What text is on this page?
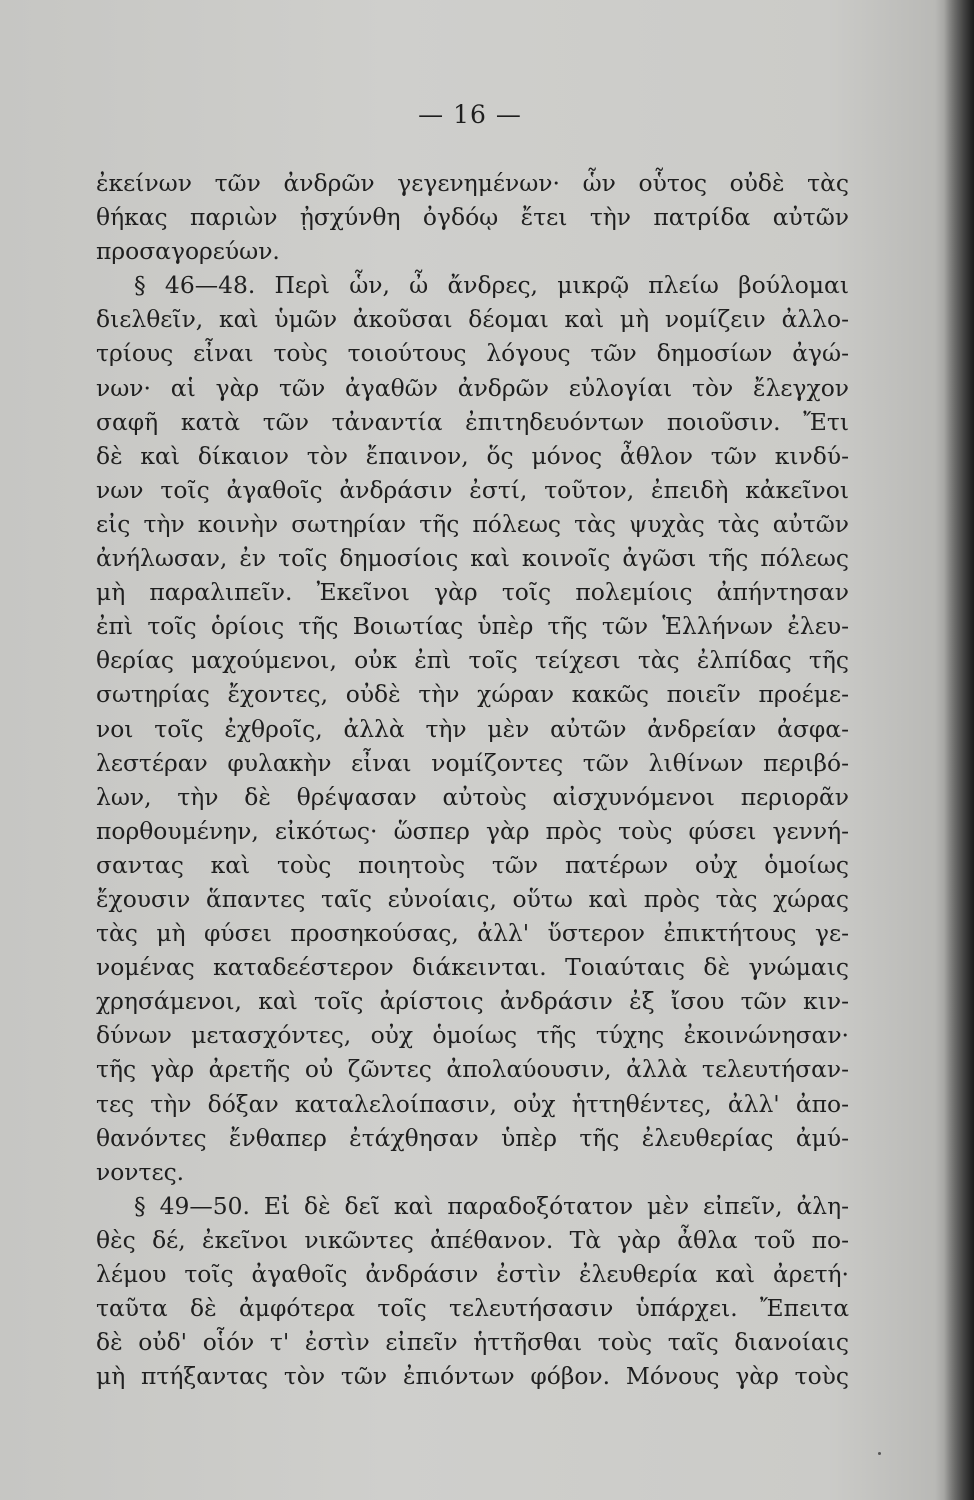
— 16 —
ἐκείνων τῶν ἀνδρῶν γεγενημένων· ὧν οὗτος οὐδὲ τὰς
θήκας παριὼν ᾐσχύνθη ὀγδόῳ ἔτει τὴν πατρίδα αὐτῶν
προσαγορεύων.
§ 46—48. Περὶ ὧν, ὦ ἄνδρες, μικρῷ πλείω βούλομαι
διελθεῖν, καὶ ὑμῶν ἀκοῦσαι δέομαι καὶ μὴ νομίζειν ἀλλο-
τρίους εἶναι τοὺς τοιούτους λόγους τῶν δημοσίων ἀγώ-
νων· αἱ γὰρ τῶν ἀγαθῶν ἀνδρῶν εὐλογίαι τὸν ἔλεγχον
σαφῆ κατὰ τῶν τἀναντία ἐπιτηδευόντων ποιοῦσιν. Ἔτι
δὲ καὶ δίκαιον τὸν ἔπαινον, ὅς μόνος ἆθλον τῶν κινδύ-
νων τοῖς ἀγαθοῖς ἀνδράσιν ἐστί, τοῦτον, ἐπειδὴ κἀκεῖνοι
εἰς τὴν κοινὴν σωτηρίαν τῆς πόλεως τὰς ψυχὰς τὰς αὐτῶν
ἀνήλωσαν, ἐν τοῖς δημοσίοις καὶ κοινοῖς ἀγῶσι τῆς πόλεως
μὴ παραλιπεῖν. Ἐκεῖνοι γὰρ τοῖς πολεμίοις ἀπήντησαν
ἐπὶ τοῖς ὁρίοις τῆς Βοιωτίας ὑπὲρ τῆς τῶν Ἑλλήνων ἐλευ-
θερίας μαχούμενοι, οὐκ ἐπὶ τοῖς τείχεσι τὰς ἐλπίδας τῆς
σωτηρίας ἔχοντες, οὐδὲ τὴν χώραν κακῶς ποιεῖν προέμε-
νοι τοῖς ἐχθροῖς, ἀλλὰ τὴν μὲν αὐτῶν ἀνδρείαν ἀσφα-
λεστέραν φυλακὴν εἶναι νομίζοντες τῶν λιθίνων περιβό-
λων, τὴν δὲ θρέψασαν αὐτοὺς αἰσχυνόμενοι περιορᾶν
πορθουμένην, εἰκότως· ὥσπερ γὰρ πρὸς τοὺς φύσει γεννή-
σαντας καὶ τοὺς ποιητοὺς τῶν πατέρων οὐχ ὁμοίως
ἔχουσιν ἅπαντες ταῖς εὐνοίαις, οὕτω καὶ πρὸς τὰς χώρας
τὰς μὴ φύσει προσηκούσας, ἀλλ' ὕστερον ἐπικτήτους γε-
νομένας καταδεέστερον διάκεινται. Τοιαύταις δὲ γνώμαις
χρησάμενοι, καὶ τοῖς ἀρίστοις ἀνδράσιν ἐξ ἴσου τῶν κιν-
δύνων μετασχόντες, οὐχ ὁμοίως τῆς τύχης ἐκοινώνησαν·
τῆς γὰρ ἀρετῆς οὐ ζῶντες ἀπολαύουσιν, ἀλλὰ τελευτήσαν-
τες τὴν δόξαν καταλελοίπασιν, οὐχ ἡττηθέντες, ἀλλ' ἀπο-
θανόντες ἔνθαπερ ἐτάχθησαν ὑπὲρ τῆς ἐλευθερίας ἀμύ-
νοντες.
§ 49—50. Εἰ δὲ δεῖ καὶ παραδοξότατον μὲν εἰπεῖν, ἀλη-
θὲς δέ, ἐκεῖνοι νικῶντες ἀπέθανον. Τὰ γὰρ ἆθλα τοῦ πο-
λέμου τοῖς ἀγαθοῖς ἀνδράσιν ἐστὶν ἐλευθερία καὶ ἀρετή·
ταῦτα δὲ ἀμφότερα τοῖς τελευτήσασιν ὑπάρχει. Ἔπειτα
δὲ οὐδ' οἷόν τ' ἐστὶν εἰπεῖν ἡττῆσθαι τοὺς ταῖς διανοίαις
μὴ πτήξαντας τὸν τῶν ἐπιόντων φόβον. Μόνους γὰρ τοὺς
